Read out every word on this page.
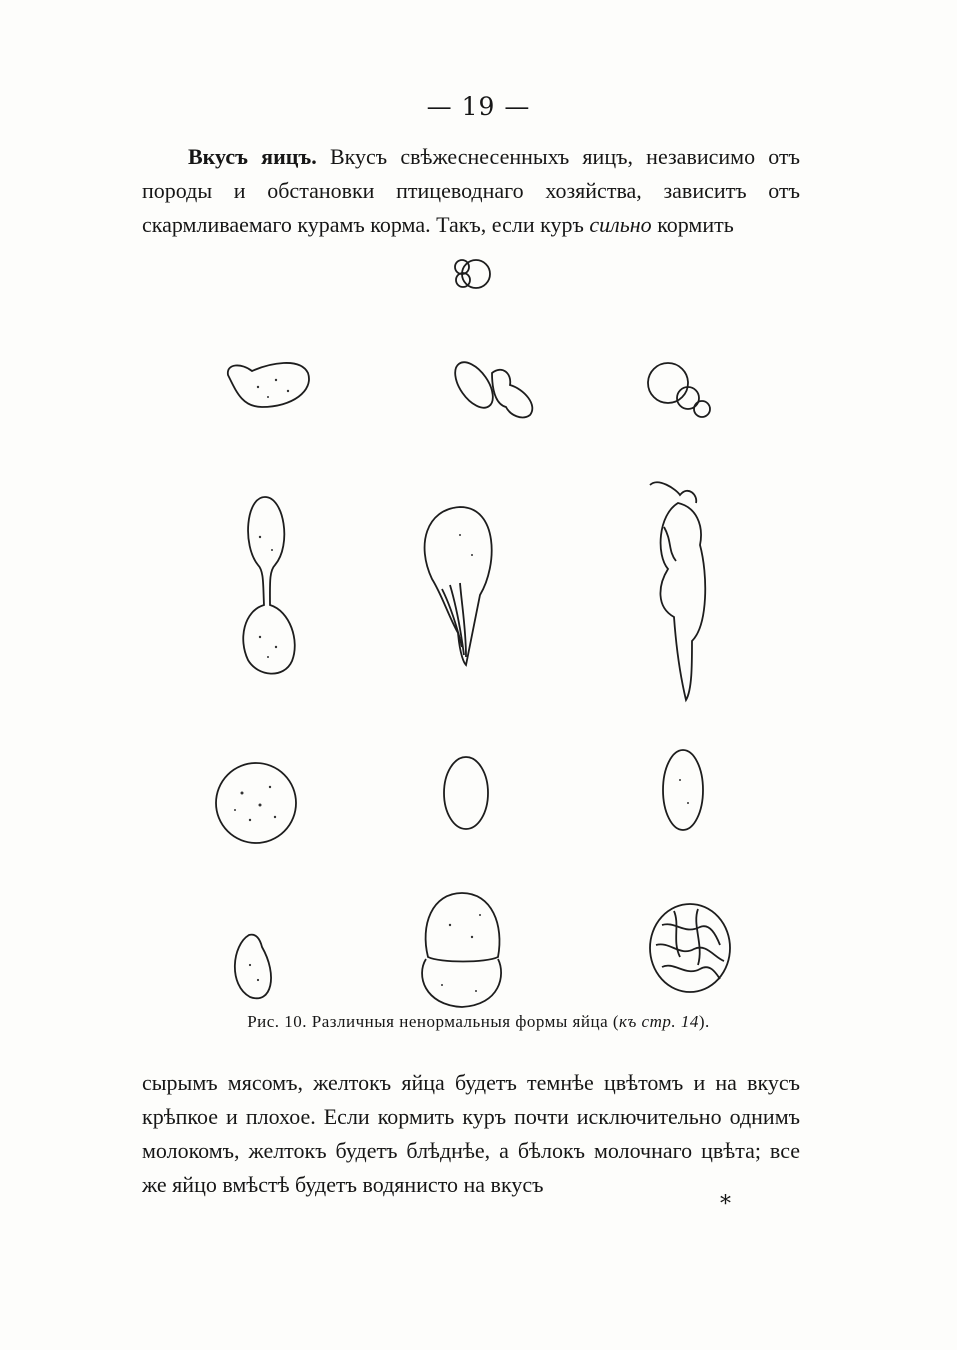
— 19 —

Вкусъ яицъ. Вкусъ свѣжеснесенныхъ яицъ, независимо отъ породы и обстановки птицеводнаго хозяйства, зависитъ отъ скармливаемаго курамъ корма. Такъ, если куръ сильно кормить

Рис. 10. Различныя ненормальныя формы яйца (къ стр. 14).

сырымъ мясомъ, желтокъ яйца будетъ темнѣе цвѣтомъ и на вкусъ крѣпкое и плохое. Если кормить куръ почти исключительно однимъ молокомъ, желтокъ будетъ блѣднѣе, а бѣлокъ молочнаго цвѣта; все же яйцо вмѣстѣ будетъ водянисто на вкусъ

*
